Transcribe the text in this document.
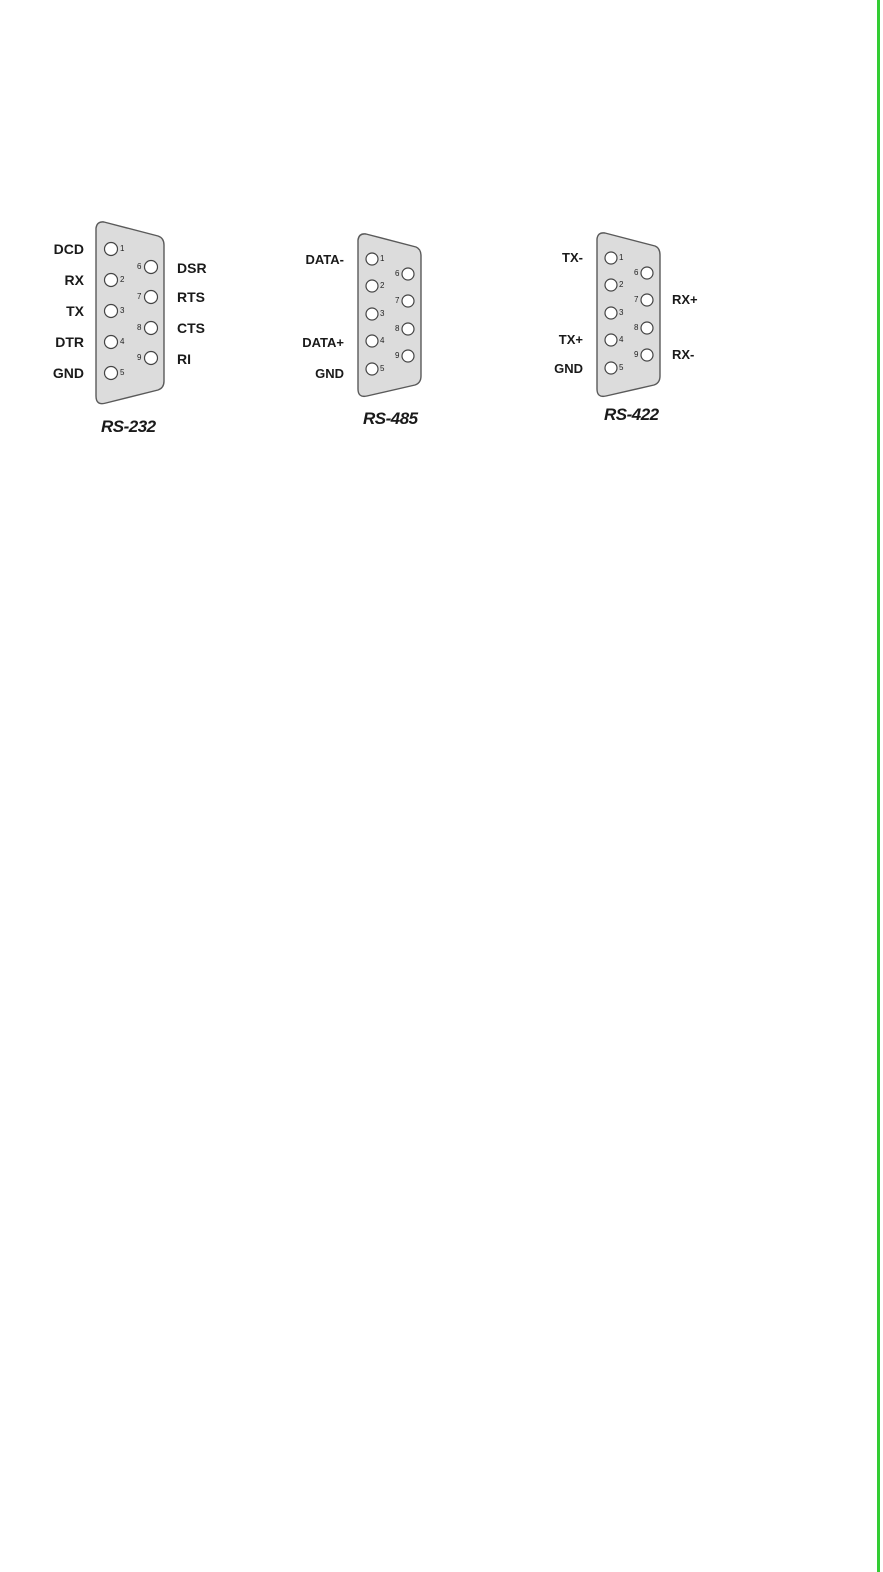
1
2
3
4
5
6
7
8
9
DCD
RX
TX
DTR
GND
DSR
RTS
CTS
RI
RS-232
1
2
3
4
5
6
7
8
9
DATA-
DATA+
GND
RS-485
1
2
3
4
5
6
7
8
9
TX-
TX+
GND
RX+
RX-
RS-422
